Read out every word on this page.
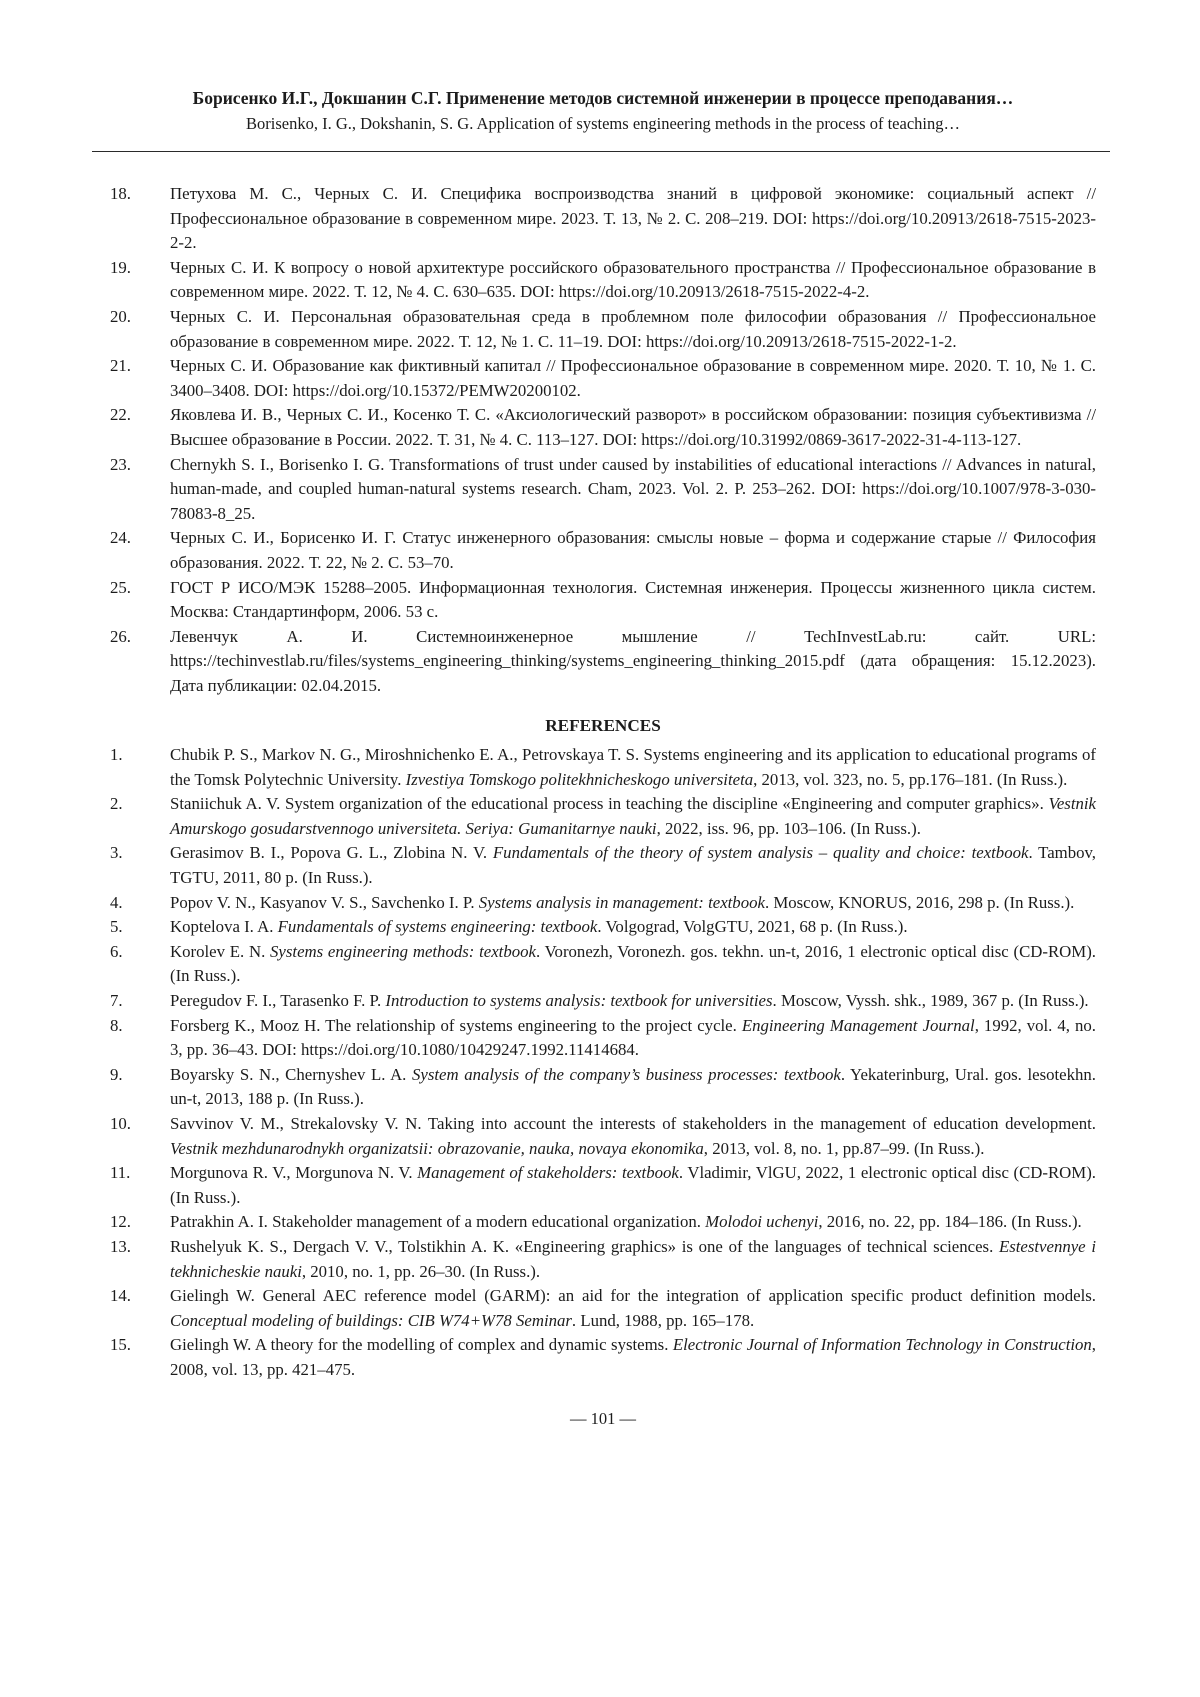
Борисенко И.Г., Докшанин С.Г. Применение методов системной инженерии в процессе преподавания…
Borisenko, I. G., Dokshanin, S. G. Application of systems engineering methods in the process of teaching…
18. Петухова М. С., Черных С. И. Специфика воспроизводства знаний в цифровой экономике: социальный аспект // Профессиональное образование в современном мире. 2023. Т. 13, № 2. С. 208–219. DOI: https://doi.org/10.20913/2618-7515-2023-2-2.
19. Черных С. И. К вопросу о новой архитектуре российского образовательного пространства // Профессиональное образование в современном мире. 2022. Т. 12, № 4. С. 630–635. DOI: https://doi.org/10.20913/2618-7515-2022-4-2.
20. Черных С. И. Персональная образовательная среда в проблемном поле философии образования // Профессиональное образование в современном мире. 2022. Т. 12, № 1. С. 11–19. DOI: https://doi.org/10.20913/2618-7515-2022-1-2.
21. Черных С. И. Образование как фиктивный капитал // Профессиональное образование в современном мире. 2020. Т. 10, № 1. С. 3400–3408. DOI: https://doi.org/10.15372/PEMW20200102.
22. Яковлева И. В., Черных С. И., Косенко Т. С. «Аксиологический разворот» в российском образовании: позиция субъективизма // Высшее образование в России. 2022. Т. 31, № 4. С. 113–127. DOI: https://doi.org/10.31992/0869-3617-2022-31-4-113-127.
23. Chernykh S. I., Borisenko I. G. Transformations of trust under caused by instabilities of educational interactions // Advances in natural, human-made, and coupled human-natural systems research. Cham, 2023. Vol. 2. P. 253–262. DOI: https://doi.org/10.1007/978-3-030-78083-8_25.
24. Черных С. И., Борисенко И. Г. Статус инженерного образования: смыслы новые – форма и содержание старые // Философия образования. 2022. Т. 22, № 2. С. 53–70.
25. ГОСТ Р ИСО/МЭК 15288–2005. Информационная технология. Системная инженерия. Процессы жизненного цикла систем. Москва: Стандартинформ, 2006. 53 с.
26. Левенчук А. И. Системноинженерное мышление // TechInvestLab.ru: сайт. URL: https://techinvestlab.ru/files/systems_engineering_thinking/systems_engineering_thinking_2015.pdf (дата обращения: 15.12.2023). Дата публикации: 02.04.2015.
REFERENCES
1.	Chubik P. S., Markov N. G., Miroshnichenko E. A., Petrovskaya T. S. Systems engineering and its application to educational programs of the Tomsk Polytechnic University. Izvestiya Tomskogo politekhnicheskogo universiteta, 2013, vol. 323, no. 5, pp.176–181. (In Russ.).
2.	Staniichuk A. V. System organization of the educational process in teaching the discipline «Engineering and computer graphics». Vestnik Amurskogo gosudarstvennogo universiteta. Seriya: Gumanitarnye nauki, 2022, iss. 96, pp. 103–106. (In Russ.).
3.	Gerasimov B. I., Popova G. L., Zlobina N. V. Fundamentals of the theory of system analysis – quality and choice: textbook. Tambov, TGTU, 2011, 80 p. (In Russ.).
4.	Popov V. N., Kasyanov V. S., Savchenko I. P. Systems analysis in management: textbook. Moscow, KNORUS, 2016, 298 p. (In Russ.).
5.	Koptelova I. A. Fundamentals of systems engineering: textbook. Volgograd, VolgGTU, 2021, 68 p. (In Russ.).
6.	Korolev E. N. Systems engineering methods: textbook. Voronezh, Voronezh. gos. tekhn. un-t, 2016, 1 electronic optical disc (CD-ROM). (In Russ.).
7.	Peregudov F. I., Tarasenko F. P. Introduction to systems analysis: textbook for universities. Moscow, Vyssh. shk., 1989, 367 p. (In Russ.).
8.	Forsberg K., Mooz H. The relationship of systems engineering to the project cycle. Engineering Management Journal, 1992, vol. 4, no. 3, pp. 36–43. DOI: https://doi.org/10.1080/10429247.1992.11414684.
9.	Boyarsky S. N., Chernyshev L. A. System analysis of the company’s business processes: textbook. Yekaterinburg, Ural. gos. lesotekhn. un-t, 2013, 188 p. (In Russ.).
10. Savvinov V. M., Strekalovsky V. N. Taking into account the interests of stakeholders in the management of education development. Vestnik mezhdunarodnykh organizatsii: obrazovanie, nauka, novaya ekonomika, 2013, vol. 8, no. 1, pp.87–99. (In Russ.).
11. Morgunova R. V., Morgunova N. V. Management of stakeholders: textbook. Vladimir, VlGU, 2022, 1 electronic optical disc (CD-ROM). (In Russ.).
12. Patrakhin A. I. Stakeholder management of a modern educational organization. Molodoi uchenyi, 2016, no. 22, pp. 184–186. (In Russ.).
13. Rushelyuk K. S., Dergach V. V., Tolstikhin A. K. «Engineering graphics» is one of the languages of technical sciences. Estestvennye i tekhnicheskie nauki, 2010, no. 1, pp. 26–30. (In Russ.).
14. Gielingh W. General AEC reference model (GARM): an aid for the integration of application specific product definition models. Conceptual modeling of buildings: CIB W74+W78 Seminar. Lund, 1988, pp. 165–178.
15. Gielingh W. A theory for the modelling of complex and dynamic systems. Electronic Journal of Information Technology in Construction, 2008, vol. 13, pp. 421–475.
— 101 —
